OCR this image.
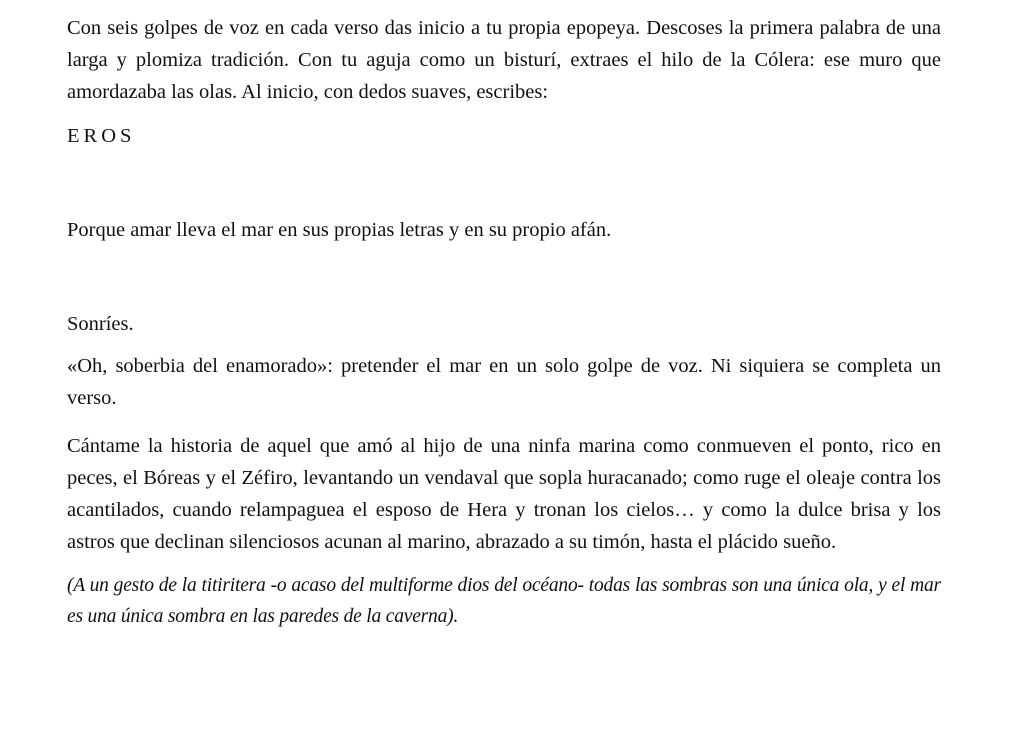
Con seis golpes de voz en cada verso das inicio a tu propia epopeya. Descoses la primera palabra de una larga y plomiza tradición. Con tu aguja como un bisturí, extraes el hilo de la Cólera: ese muro que amordazaba las olas. Al inicio, con dedos suaves, escribes:

EROS

Porque amar lleva el mar en sus propias letras y en su propio afán.

Sonríes.

«Oh, soberbia del enamorado»: pretender el mar en un solo golpe de voz. Ni siquiera se completa un verso.

Cántame la historia de aquel que amó al hijo de una ninfa marina como conmueven el ponto, rico en peces, el Bóreas y el Zéfiro, levantando un vendaval que sopla huracanado; como ruge el oleaje contra los acantilados, cuando relampaguea el esposo de Hera y tronan los cielos… y como la dulce brisa y los astros que declinan silenciosos acunan al marino, abrazado a su timón, hasta el plácido sueño.

(A un gesto de la titiritera -o acaso del multiforme dios del océano- todas las sombras son una única ola, y el mar es una única sombra en las paredes de la caverna).
